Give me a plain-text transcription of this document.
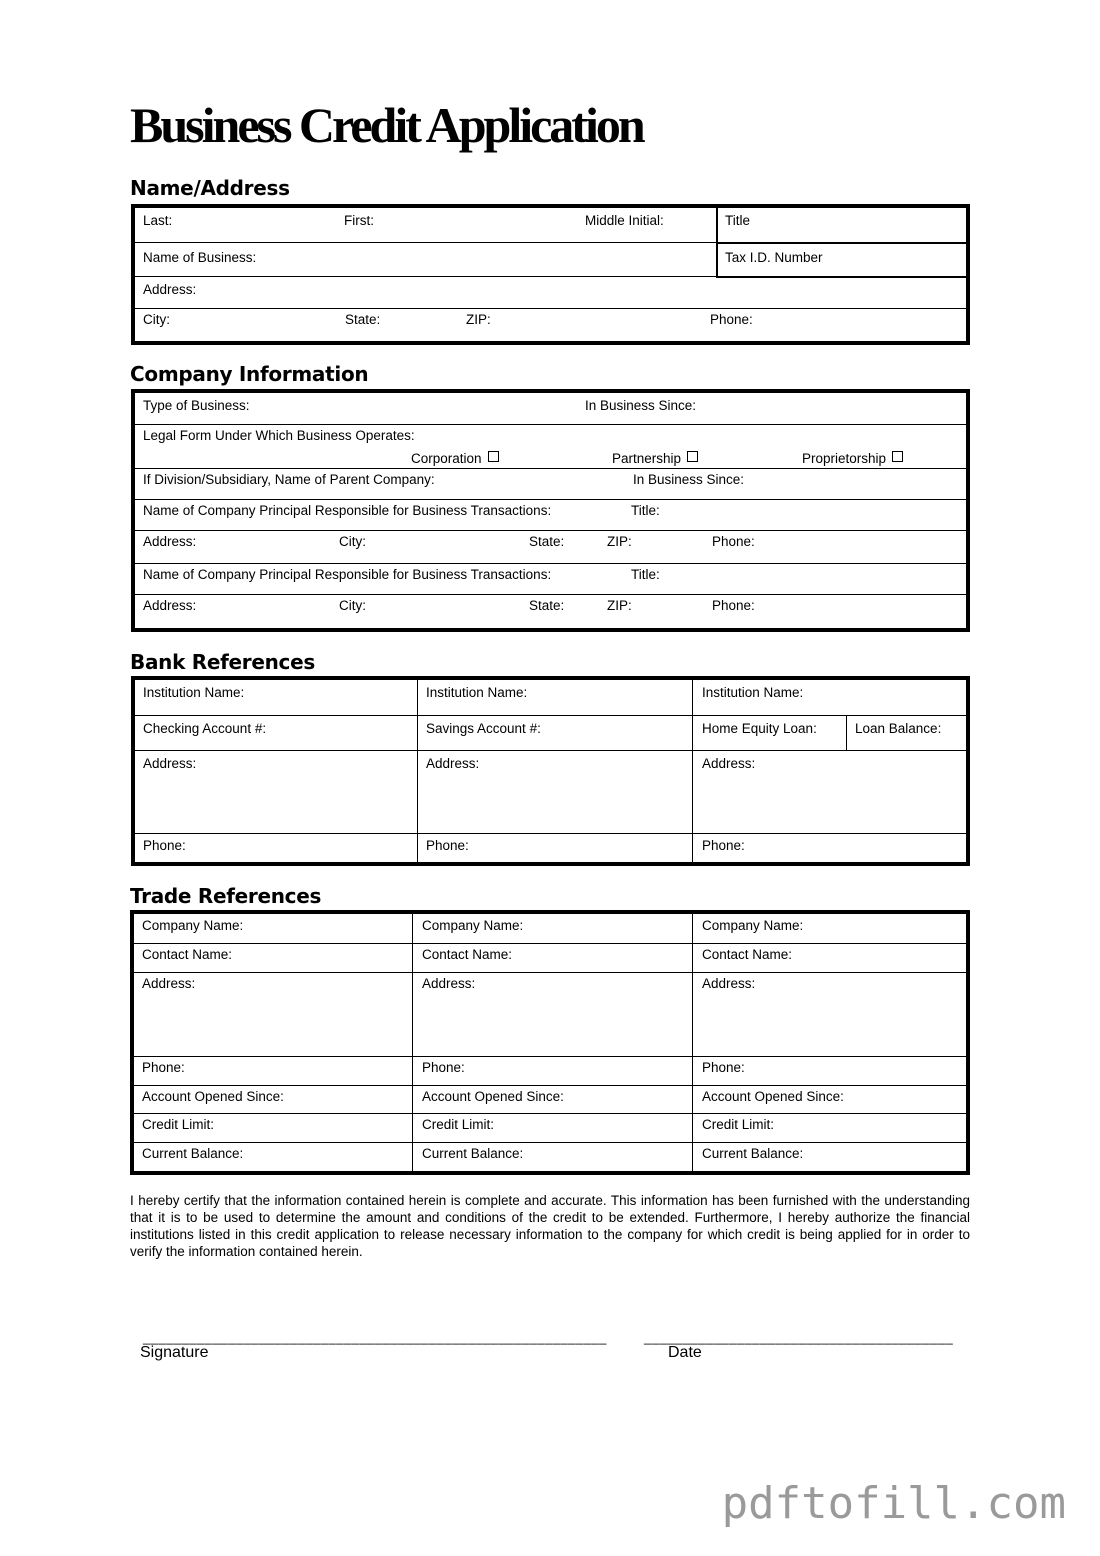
Business Credit Application
Name/Address
Last:	First:	Middle Initial:	Title
Name of Business:	Tax I.D. Number
Address:
City:	State:	ZIP:	Phone:
Company Information
Type of Business:	In Business Since:
Legal Form Under Which Business Operates:
Corporation	Partnership	Proprietorship
If Division/Subsidiary, Name of Parent Company:	In Business Since:
Name of Company Principal Responsible for Business Transactions:	Title:
Address:	City:	State:	ZIP:	Phone:
Name of Company Principal Responsible for Business Transactions:	Title:
Address:	City:	State:	ZIP:	Phone:
Bank References
Institution Name:	Institution Name:	Institution Name:
Checking Account #:	Savings Account #:	Home Equity Loan:	Loan Balance:
Address:	Address:	Address:
Phone:	Phone:	Phone:
Trade References
Company Name:	Company Name:	Company Name:
Contact Name:	Contact Name:	Contact Name:
Address:	Address:	Address:
Phone:	Phone:	Phone:
Account Opened Since:	Account Opened Since:	Account Opened Since:
Credit Limit:	Credit Limit:	Credit Limit:
Current Balance:	Current Balance:	Current Balance:
I hereby certify that the information contained herein is complete and accurate. This information has been furnished with the understanding that it is to be used to determine the amount and conditions of the credit to be extended. Furthermore, I hereby authorize the financial institutions listed in this credit application to release necessary information to the company for which credit is being applied for in order to verify the information contained herein.
____________________________________________________________	________________________________________
Signature	Date
pdftofill.com
